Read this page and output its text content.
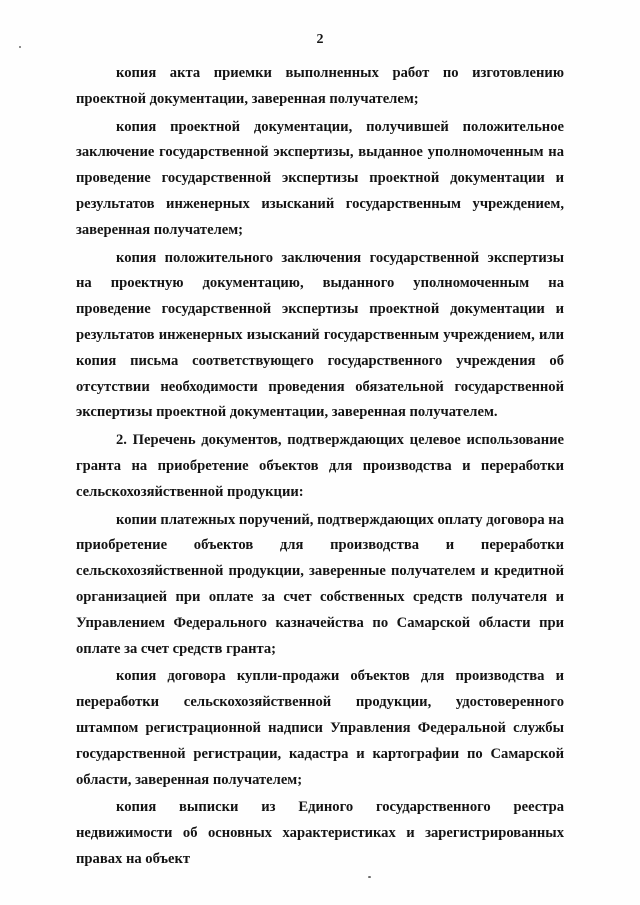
2

копия акта приемки выполненных работ по изготовлению проектной документации, заверенная получателем;

копия проектной документации, получившей положительное заключение государственной экспертизы, выданное уполномоченным на проведение государственной экспертизы проектной документации и результатов инженерных изысканий государственным учреждением, заверенная получателем;

копия положительного заключения государственной экспертизы на проектную документацию, выданного уполномоченным на проведение государственной экспертизы проектной документации и результатов инженерных изысканий государственным учреждением, или копия письма соответствующего государственного учреждения об отсутствии необходимости проведения обязательной государственной экспертизы проектной документации, заверенная получателем.

2. Перечень документов, подтверждающих целевое использование гранта на приобретение объектов для производства и переработки сельскохозяйственной продукции:

копии платежных поручений, подтверждающих оплату договора на приобретение объектов для производства и переработки сельскохозяйственной продукции, заверенные получателем и кредитной организацией при оплате за счет собственных средств получателя и Управлением Федерального казначейства по Самарской области при оплате за счет средств гранта;

копия договора купли-продажи объектов для производства и переработки сельскохозяйственной продукции, удостоверенного штампом регистрационной надписи Управления Федеральной службы государственной регистрации, кадастра и картографии по Самарской области, заверенная получателем;

копия выписки из Единого государственного реестра недвижимости об основных характеристиках и зарегистрированных правах на объект
